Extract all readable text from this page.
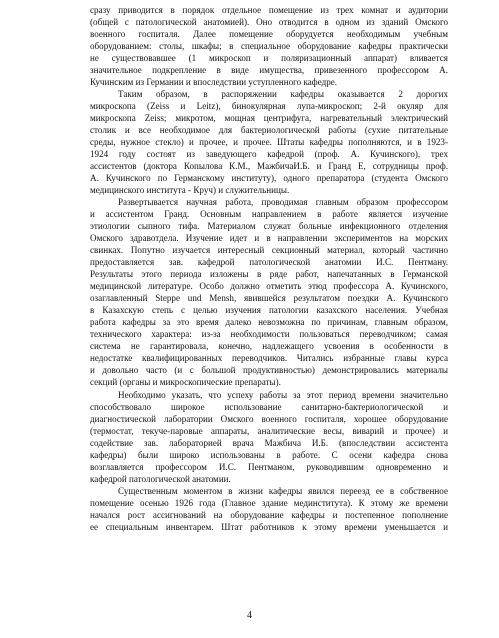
сразу приводится в порядок отдельное помещение из трех комнат и аудитории
(общей с патологической анатомией). Оно отводится в одном из зданий Омского
военного госпиталя. Далее помещение оборудуется необходимым учебным
оборудованием: столы, шкафы; в специальное оборудование кафедры практически
не существовавшее (1 микроскоп и поляризационный аппарат) вливается
значительное подкрепление в виде имущества, привезенного профессором А.
Кучинским из Германии и впоследствии уступленного кафедре.

Таким образом, в распоряжении кафедры оказывается 2 дорогих
микроскопа (Zeiss и Leitz), бинокулярная лупа-микроскоп; 2-й окуляр для
микроскопа Zeiss; микротом, мощная центрифуга, нагревательный электрический
столик и все необходимое для бактериологической работы (сухие питательные
среды, нужное стекло) и прочее, и прочее. Штаты кафедры пополняются, и в 1923-
1924 году состоят из заведующего кафедрой (проф. А. Кучинского), трех
ассистентов (доктора Копылова К.М., МажбичаИ.Б. и Гранд Е, сотрудницы проф.
А. Кучинского по Германскому институту), одного препаратора (студента Омского
медицинского института - Круч) и служительницы.

Развертывается научная работа, проводимая главным образом профессором
и ассистентом Гранд. Основным направлением в работе является изучение
этиологии сыпного тифа. Материалом служат больные инфекционного отделения
Омского здравотдела. Изучение идет и в направлении экспериментов на морских
свинках. Попутно изучается интересный секционный материал, который частично
предоставляется зав. кафедрой патологической анатомии И.С. Пентману.
Результаты этого периода изложены в ряде работ, напечатанных в Германской
медицинской литературе. Особо должно отметить этюд профессора А. Кучинского,
озаглавленный Steppe und Mensh, явившейся результатом поездки А. Кучинского
в Казахскую степь с целью изучения патологии казахского населения. Учебная
работа кафедры за это время далеко невозможна по причинам, главным образом,
технического характера: из-за необходимости пользоваться переводчиком; самая
система не гарантировала, конечно, надлежащего усвоения в особенности в
недостатке квалифицированных переводчиков. Читались избранные главы курса
и довольно часто (и с большой продуктивностью) демонстрировались материалы
секций (органы и микроскопические препараты).

Необходимо указать, что успеху работы за этот период времени значительно
способствовало широкое использование санитарно-бактериологической и
диагностической лаборатории Омского военного госпиталя, хорошее оборудование
(термостат, текуче-паровые аппараты, аналитические весы, виварий и прочее) и
содействие зав. лабораторией врача Мажбича И.Б. (впоследствии ассистента
кафедры) были широко использованы в работе. С осени кафедра снова
возглавляется профессором И.С. Пентманом, руководившим одновременно и
кафедрой патологической анатомии.

Существенным моментом в жизни кафедры явился переезд ее в собственное
помещение осенью 1926 года (Главное здание мединститута). К этому же времени
начался рост ассигнований на оборудование кафедры и постепенное пополнение
ее специальным инвентарем. Штат работников к этому времени уменьшается и

4
